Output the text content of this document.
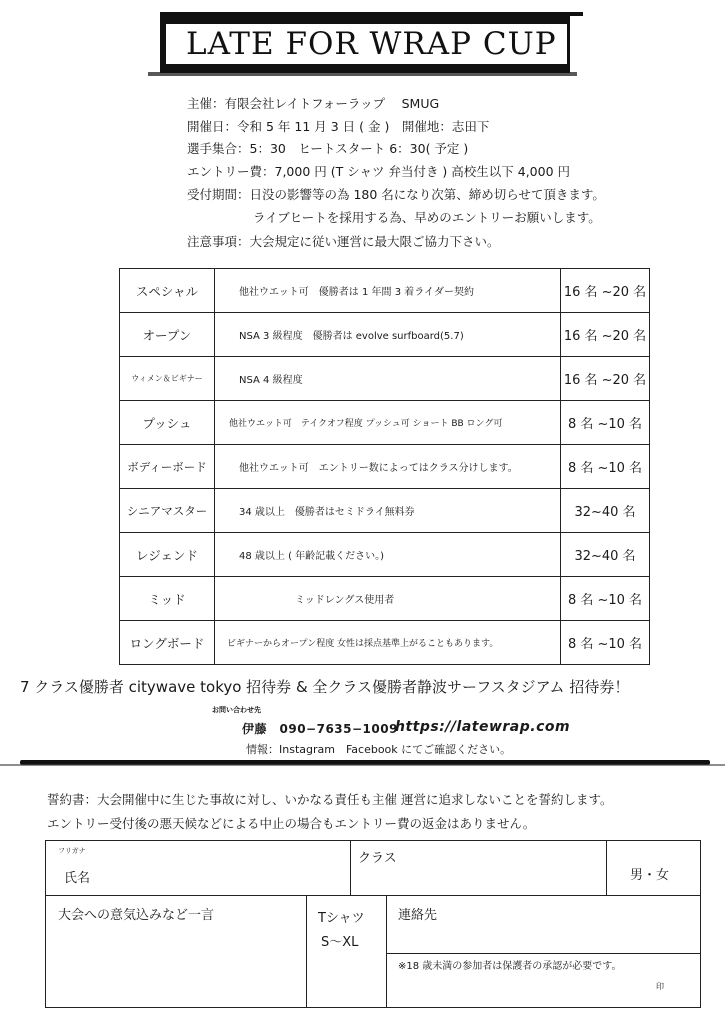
LATE FOR WRAP CUP
主催：有限会社レイトフォーラップ　 SMUG
開催日：令和 5 年 11 月 3 日 ( 金 )　開催地：志田下
選手集合：5：30　ヒートスタート 6：30( 予定 )
エントリー費：7,000 円 (T シャツ 弁当付き ) 高校生以下 4,000 円
受付期間：日没の影響等の為 180 名になり次第、締め切らせて頂きます。
ライブヒートを採用する為、早めのエントリーお願いします。
注意事項：大会規定に従い運営に最大限ご協力下さい。
スペシャル	他社ウエット可　優勝者は 1 年間 3 着ライダー契約	16 名 ~20 名
オープン	NSA 3 級程度　優勝者は evolve surfboard(5.7)	16 名 ~20 名
ウィメン＆ビギナー	NSA 4 級程度	16 名 ~20 名
プッシュ	他社ウエット可　テイクオフ程度 プッシュ可 ショート BB ロング可	8 名 ~10 名
ボディーボード	他社ウエット可　エントリー数によってはクラス分けします。	8 名 ~10 名
シニアマスター	34 歳以上　優勝者はセミドライ無料券	32~40 名
レジェンド	48 歳以上 ( 年齢記載ください。)	32~40 名
ミッド	ミッドレングス使用者	8 名 ~10 名
ロングボード	ビギナーからオープン程度 女性は採点基準上がることもあります。	8 名 ~10 名
7 クラス優勝者 citywave tokyo 招待券 & 全クラス優勝者静波サーフスタジアム 招待券！
お問い合わせ先
伊藤　090−7635−1009
https://latewrap.com
情報：Instagram　Facebook にてご確認ください。
誓約書：大会開催中に生じた事故に対し、いかなる責任も主催 運営に追求しないことを誓約します。
エントリー受付後の悪天候などによる中止の場合もエントリー費の返金はありません。
フリガナ
氏名
クラス
男・女
大会への意気込みなど一言	Tシャツ
S〜XL
連絡先
※18 歳未満の参加者は保護者の承認が必要です。
印
